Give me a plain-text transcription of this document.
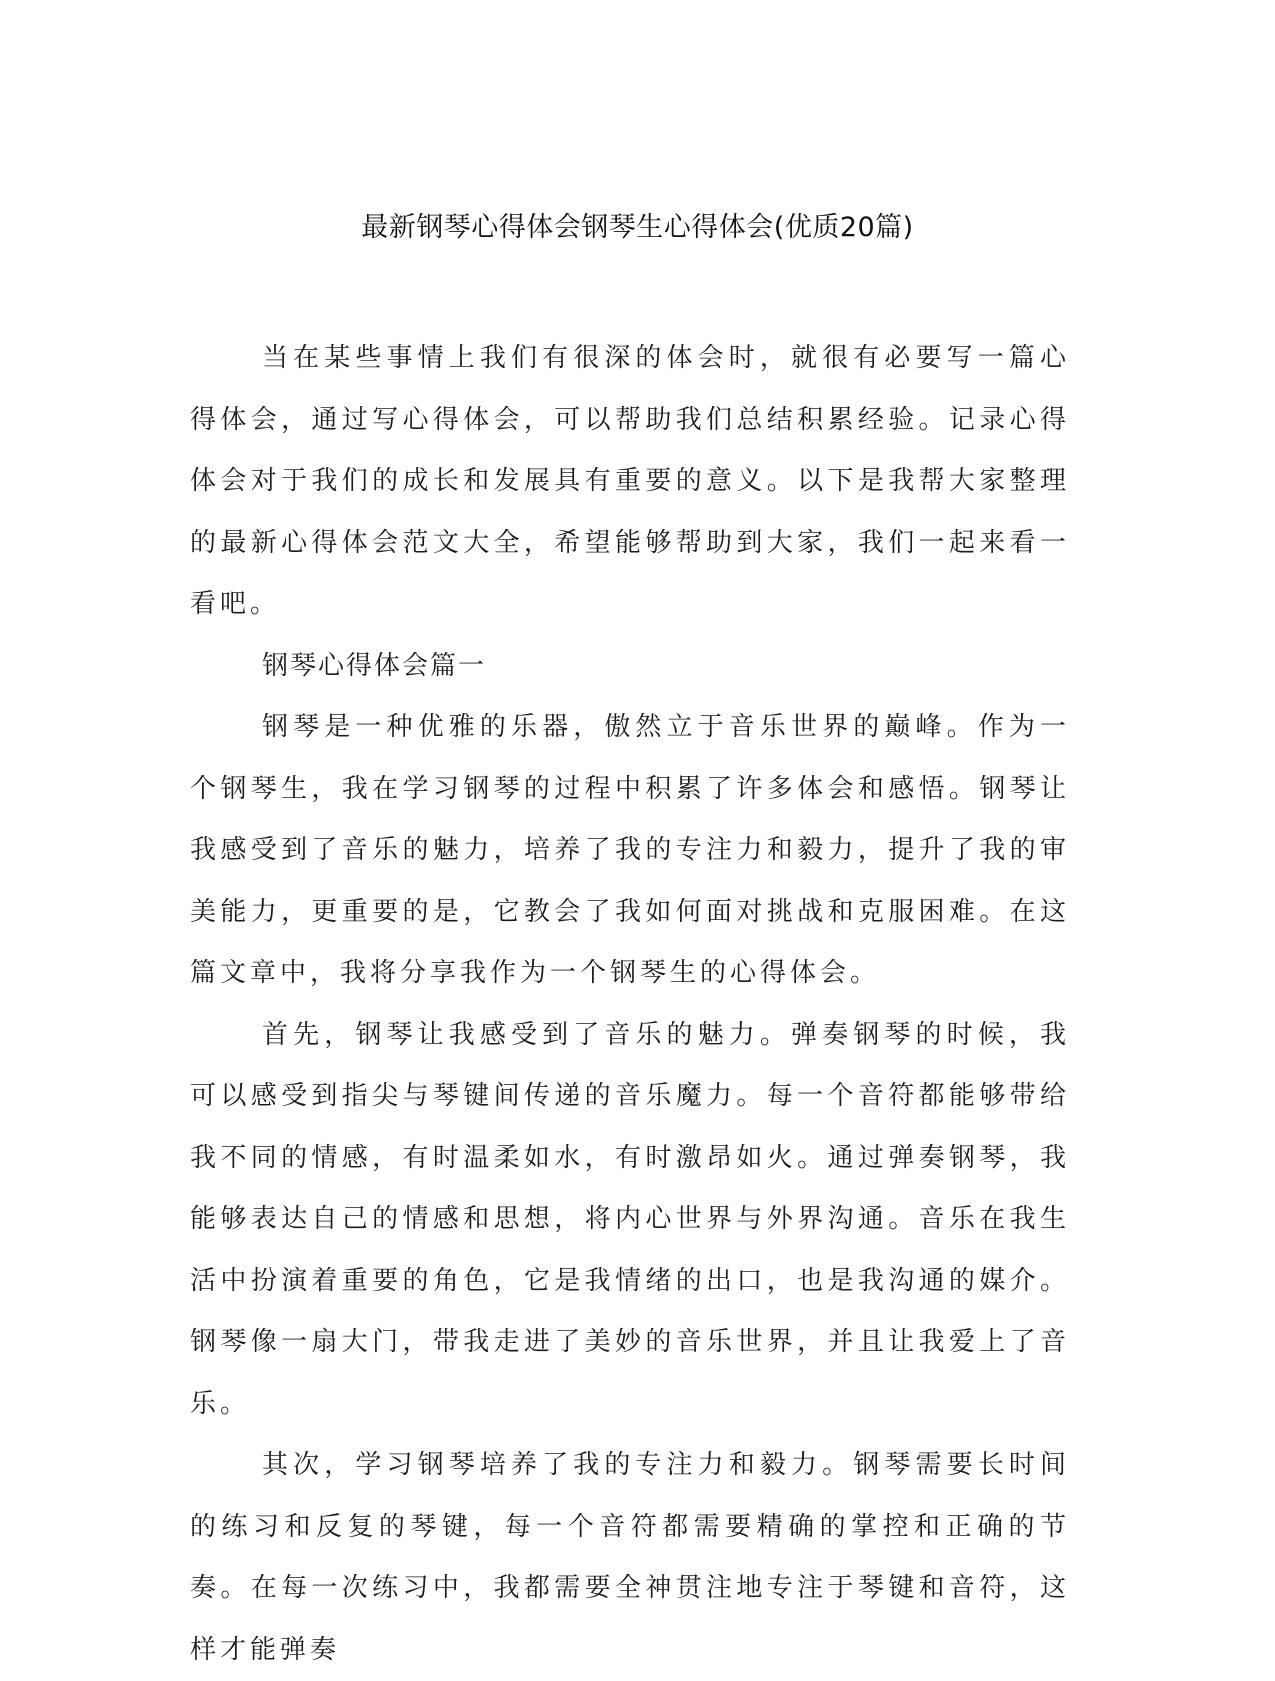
最新钢琴心得体会钢琴生心得体会(优质20篇)

当在某些事情上我们有很深的体会时，就很有必要写一篇心得体会，通过写心得体会，可以帮助我们总结积累经验。记录心得体会对于我们的成长和发展具有重要的意义。以下是我帮大家整理的最新心得体会范文大全，希望能够帮助到大家，我们一起来看一看吧。

钢琴心得体会篇一

钢琴是一种优雅的乐器，傲然立于音乐世界的巅峰。作为一个钢琴生，我在学习钢琴的过程中积累了许多体会和感悟。钢琴让我感受到了音乐的魅力，培养了我的专注力和毅力，提升了我的审美能力，更重要的是，它教会了我如何面对挑战和克服困难。在这篇文章中，我将分享我作为一个钢琴生的心得体会。

首先，钢琴让我感受到了音乐的魅力。弹奏钢琴的时候，我可以感受到指尖与琴键间传递的音乐魔力。每一个音符都能够带给我不同的情感，有时温柔如水，有时激昂如火。通过弹奏钢琴，我能够表达自己的情感和思想，将内心世界与外界沟通。音乐在我生活中扮演着重要的角色，它是我情绪的出口，也是我沟通的媒介。钢琴像一扇大门，带我走进了美妙的音乐世界，并且让我爱上了音乐。

其次，学习钢琴培养了我的专注力和毅力。钢琴需要长时间的练习和反复的琴键，每一个音符都需要精确的掌控和正确的节奏。在每一次练习中，我都需要全神贯注地专注于琴键和音符，这样才能弹奏
